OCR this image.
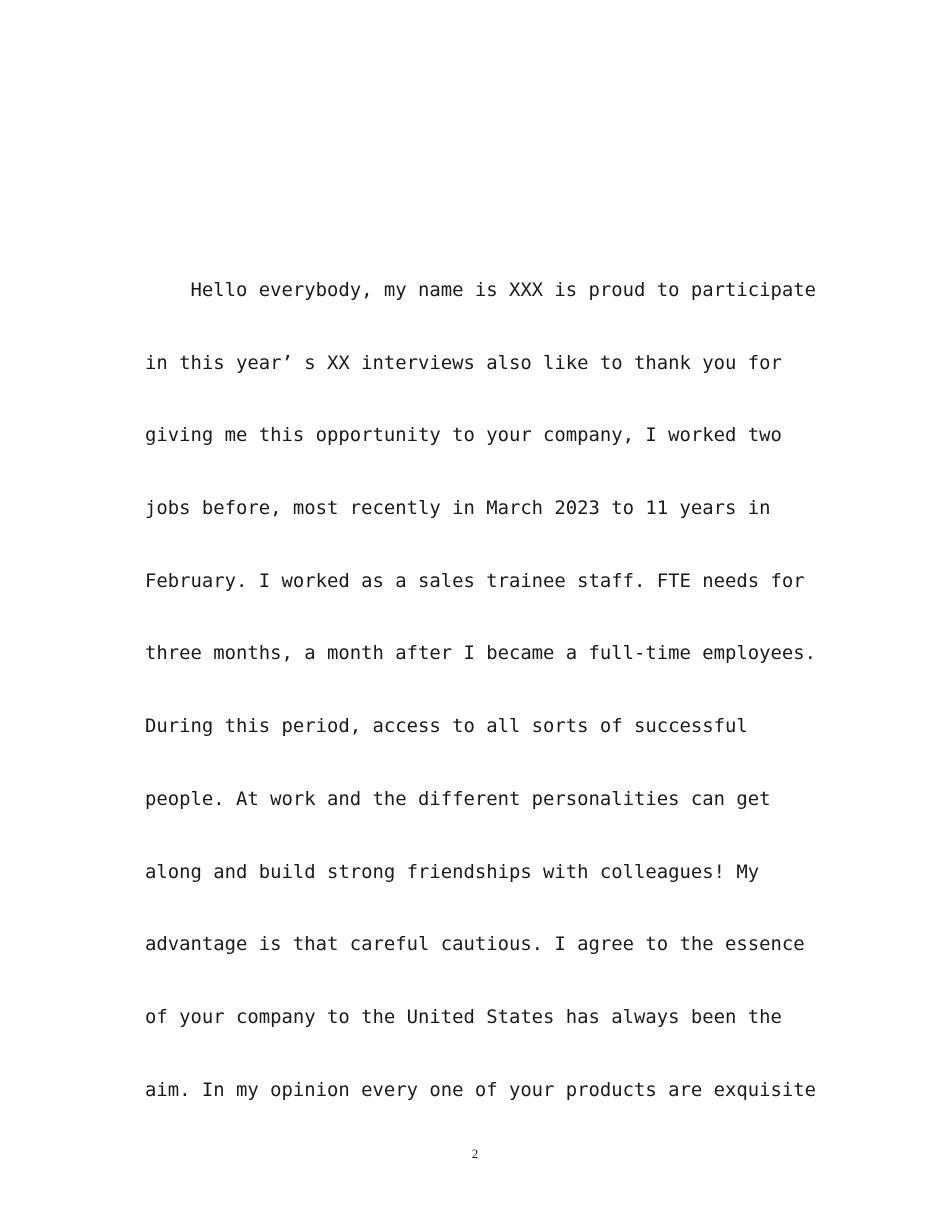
Hello everybody, my name is XXX is proud to participate
in this year’ s XX interviews also like to thank you for
giving me this opportunity to your company, I worked two
jobs before, most recently in March 2023 to 11 years in
February. I worked as a sales trainee staff. FTE needs for
three months, a month after I became a full-time employees.
During this period, access to all sorts of successful
people. At work and the different personalities can get
along and build strong friendships with colleagues! My
advantage is that careful cautious. I agree to the essence
of your company to the United States has always been the
aim. In my opinion every one of your products are exquisite
2
